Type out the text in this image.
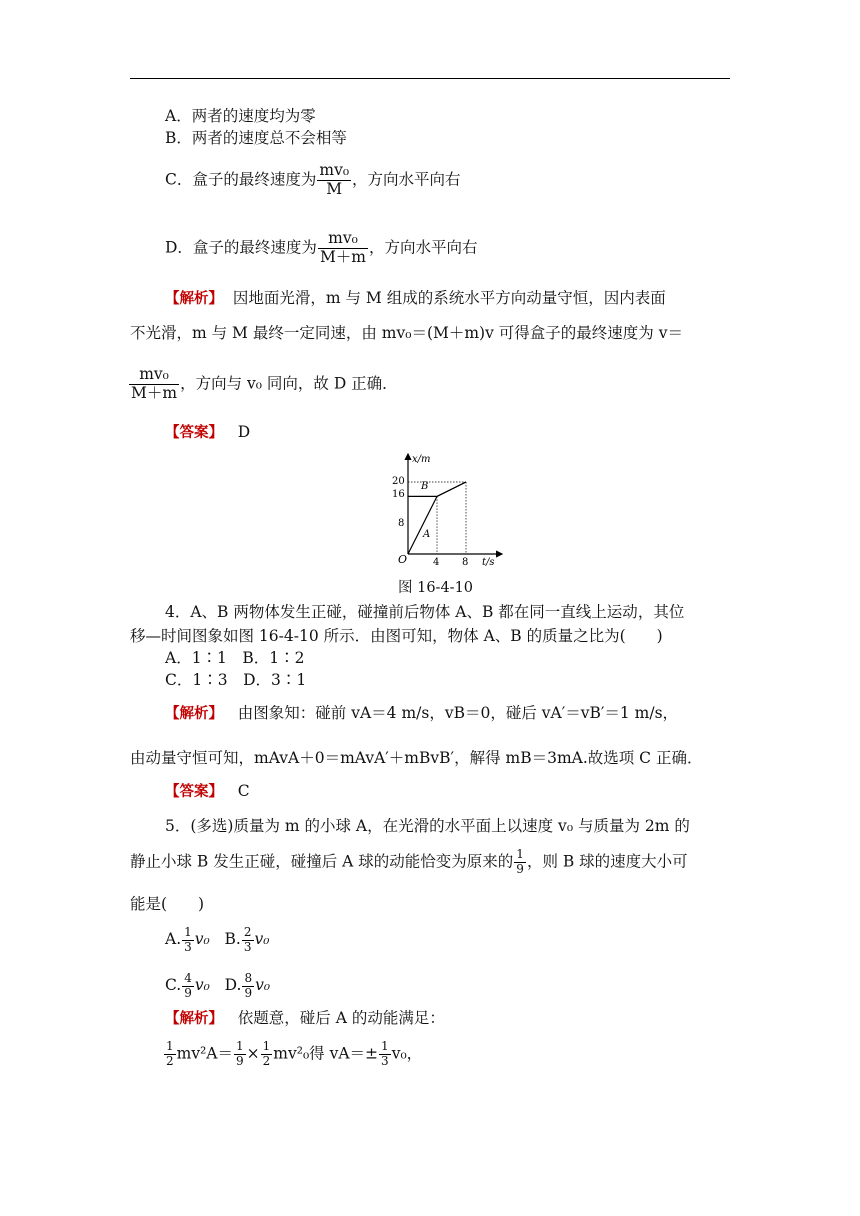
A．两者的速度均为零
B．两者的速度总不会相等
C．盒子的最终速度为 $\frac{\text{mv₀}}{M}$ ，方向水平向右
D．盒子的最终速度为 $\frac{\text{mv₀}}{M+m}$ ，方向水平向右
【解析】 因地面光滑，m 与 M 组成的系统水平方向动量守恒，因内表面
不光滑，m 与 M 最终一定同速，由 mv₀＝(M＋m)v 可得盒子的最终速度为 v＝
$\frac{\text{mv₀}}{M+m}$ ，方向与 v₀ 同向，故 D 正确．
【答案】 D
x/m
t/s
O
20
16
8
4 8
A
B
图 16-4-10
4．A、B 两物体发生正碰，碰撞前后物体 A、B 都在同一直线上运动，其位
移—时间图象如图 16-4-10 所示．由图可知，物体 A、B 的质量之比为(　　)
A．1∶1　B．1∶2
C．1∶3　D．3∶1
【解析】 由图象知：碰前 vA＝4 m/s，vB＝0，碰后 vA′＝vB′＝1 m/s，
由动量守恒可知，mAvA＋0＝mAvA′＋mBvB′，解得 mB＝3mA.故选项 C 正确．
【答案】 C
5．(多选)质量为 m 的小球 A，在光滑的水平面上以速度 v₀ 与质量为 2m 的
静止小球 B 发生正碰，碰撞后 A 球的动能恰变为原来的 $\frac{1}{9}$ ，则 B 球的速度大小可
能是(　　)
A. $\frac{1}{3} v_0$ B. $\frac{2}{3} v_0$
C. $\frac{4}{9} v_0$ D. $\frac{8}{9} v_0$
【解析】 依题意，碰后 A 的动能满足：
$\frac{1}{2} mv^2A= \frac{1}{9} \times \frac{1}{2} mv^2_0$得 $vA=\pm \frac{1}{3} v_0$，
